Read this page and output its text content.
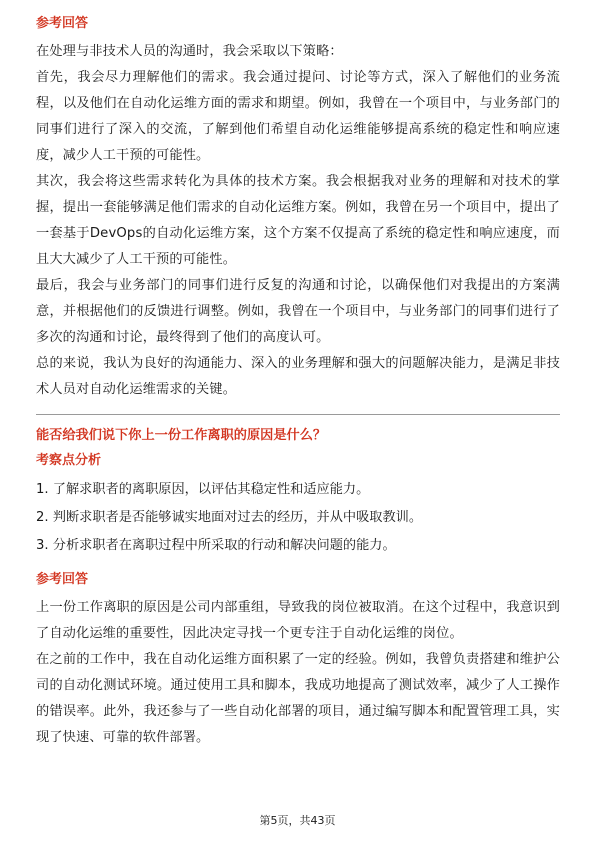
参考回答

在处理与非技术人员的沟通时，我会采取以下策略：

首先，我会尽力理解他们的需求。我会通过提问、讨论等方式，深入了解他们的业务流程，以及他们在自动化运维方面的需求和期望。例如，我曾在一个项目中，与业务部门的同事们进行了深入的交流，了解到他们希望自动化运维能够提高系统的稳定性和响应速度，减少人工干预的可能性。

其次，我会将这些需求转化为具体的技术方案。我会根据我对业务的理解和对技术的掌握，提出一套能够满足他们需求的自动化运维方案。例如，我曾在另一个项目中，提出了一套基于DevOps的自动化运维方案，这个方案不仅提高了系统的稳定性和响应速度，而且大大减少了人工干预的可能性。

最后，我会与业务部门的同事们进行反复的沟通和讨论，以确保他们对我提出的方案满意，并根据他们的反馈进行调整。例如，我曾在一个项目中，与业务部门的同事们进行了多次的沟通和讨论，最终得到了他们的高度认可。

总的来说，我认为良好的沟通能力、深入的业务理解和强大的问题解决能力，是满足非技术人员对自动化运维需求的关键。

能否给我们说下你上一份工作离职的原因是什么？
考察点分析

1. 了解求职者的离职原因，以评估其稳定性和适应能力。

2. 判断求职者是否能够诚实地面对过去的经历，并从中吸取教训。

3. 分析求职者在离职过程中所采取的行动和解决问题的能力。

参考回答

上一份工作离职的原因是公司内部重组，导致我的岗位被取消。在这个过程中，我意识到了自动化运维的重要性，因此决定寻找一个更专注于自动化运维的岗位。

在之前的工作中，我在自动化运维方面积累了一定的经验。例如，我曾负责搭建和维护公司的自动化测试环境。通过使用工具和脚本，我成功地提高了测试效率，减少了人工操作的错误率。此外，我还参与了一些自动化部署的项目，通过编写脚本和配置管理工具，实现了快速、可靠的软件部署。

第5页，共43页
